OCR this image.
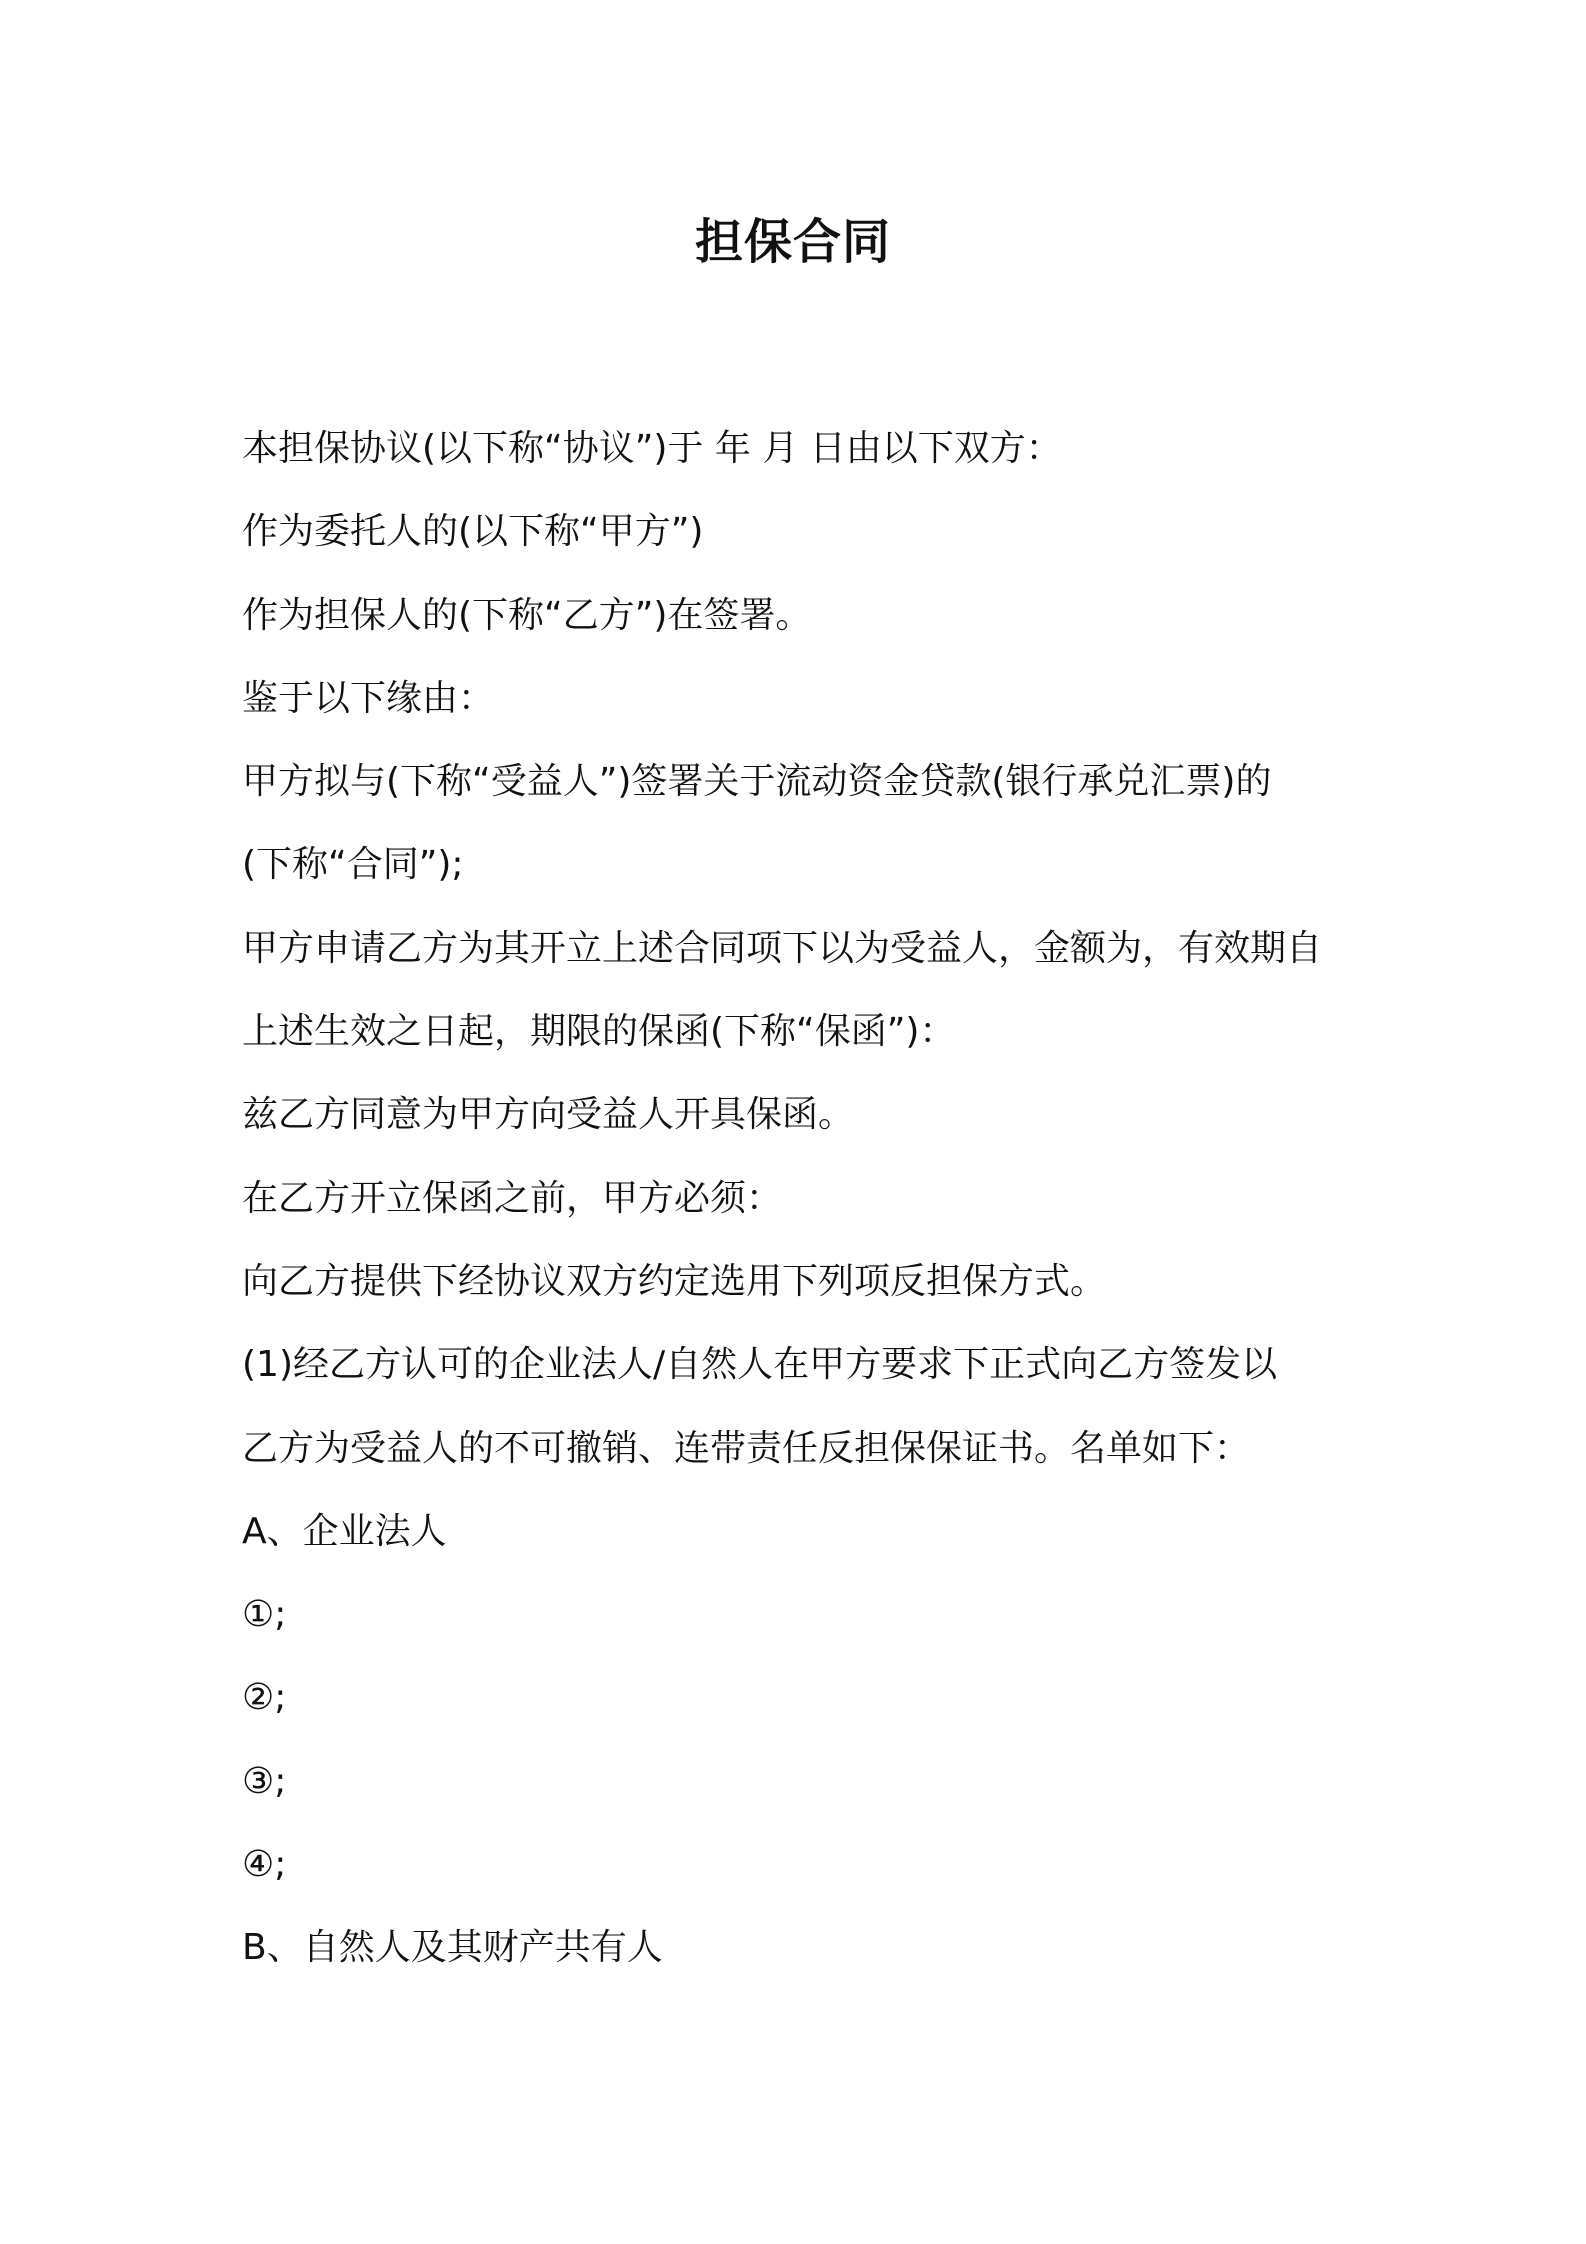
担保合同
本担保协议(以下称“协议”)于 年 月 日由以下双方：
作为委托人的(以下称“甲方”)
作为担保人的(下称“乙方”)在签署。
鉴于以下缘由：
甲方拟与(下称“受益人”)签署关于流动资金贷款(银行承兑汇票)的
(下称“合同”);
甲方申请乙方为其开立上述合同项下以为受益人，金额为，有效期自
上述生效之日起，期限的保函(下称“保函”)：
兹乙方同意为甲方向受益人开具保函。
在乙方开立保函之前，甲方必须：
向乙方提供下经协议双方约定选用下列项反担保方式。
(1)经乙方认可的企业法人/自然人在甲方要求下正式向乙方签发以
乙方为受益人的不可撤销、连带责任反担保保证书。名单如下：
A、企业法人
①;
②;
③;
④;
B、自然人及其财产共有人
